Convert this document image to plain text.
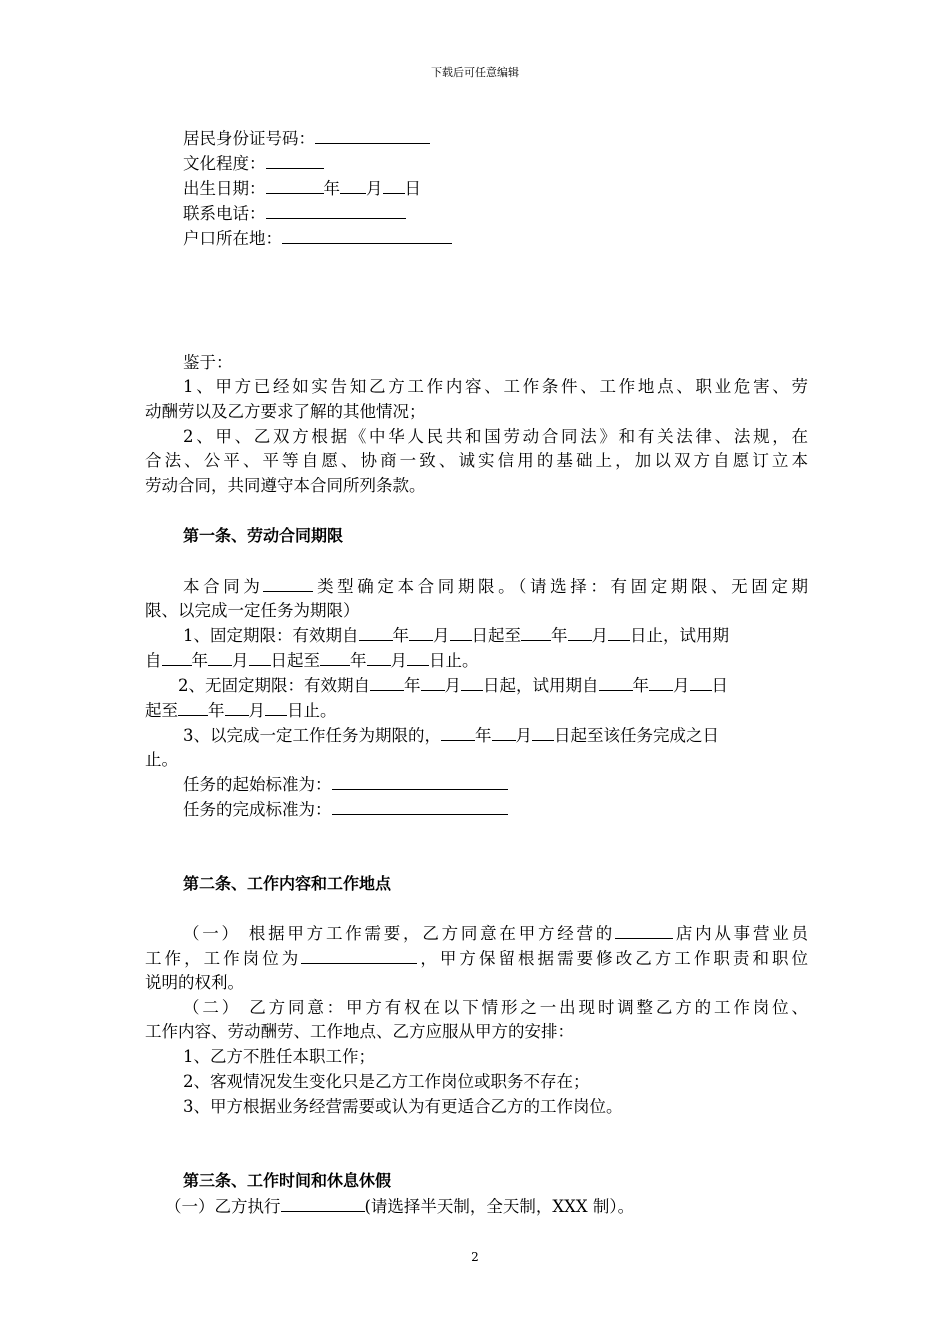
下载后可任意编辑
居民身份证号码：
文化程度：
出生日期：	年 月 日
联系电话：
户口所在地：
鉴于：
1、甲方已经如实告知乙方工作内容、工作条件、工作地点、职业危害、劳
动酬劳以及乙方要求了解的其他情况；
2、甲、乙双方根据《中华人民共和国劳动合同法》和有关法律、法规，在
合法、公平、平等自愿、协商一致、诚实信用的基础上，加以双方自愿订立本
劳动合同，共同遵守本合同所列条款。
第一条、劳动合同期限
本合同为	类型确定本合同期限。（请选择：有固定期限、无固定期
限、以完成一定任务为期限）
1、固定期限：有效期自 年 月 日起至 年 月 日止，试用期
自 年 月 日起至 年 月 日止。
2、无固定期限：有效期自 年 月 日起，试用期自 年 月 日
起至 年 月 日止。
3、以完成一定工作任务为期限的， 年 月 日起至该任务完成之日
止。
任务的起始标准为：
任务的完成标准为：
第二条、工作内容和工作地点
（一） 根据甲方工作需要，乙方同意在甲方经营的	店内从事营业员
工作，工作岗位为	，甲方保留根据需要修改乙方工作职责和职位
说明的权利。
（二） 乙方同意：甲方有权在以下情形之一出现时调整乙方的工作岗位、
工作内容、劳动酬劳、工作地点、乙方应服从甲方的安排：
1、乙方不胜任本职工作；
2、客观情况发生变化只是乙方工作岗位或职务不存在；
3、甲方根据业务经营需要或认为有更适合乙方的工作岗位。
第三条、工作时间和休息休假
（一）乙方执行	(请选择半天制，全天制，XXX 制）。
2
